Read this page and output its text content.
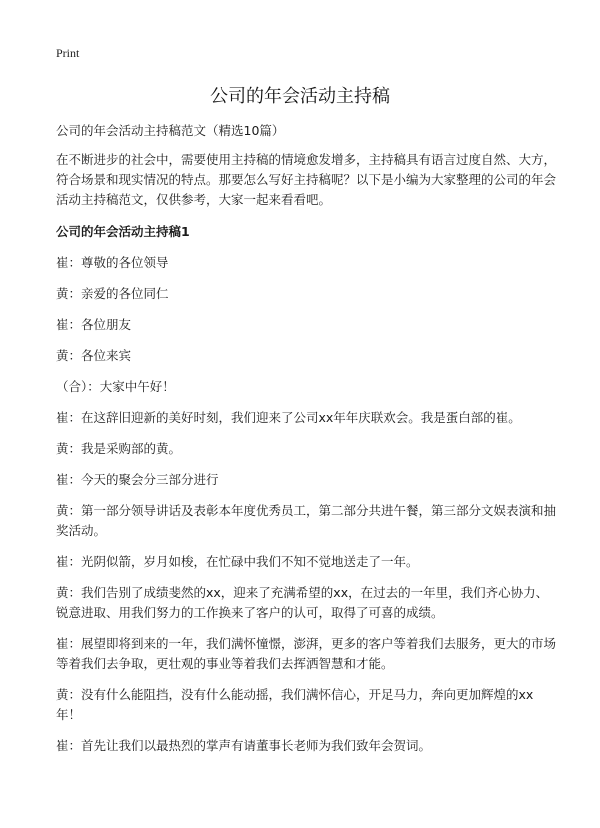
Print
公司的年会活动主持稿

公司的年会活动主持稿范文（精选10篇）

在不断进步的社会中，需要使用主持稿的情境愈发增多，主持稿具有语言过度自然、大方，符合场景和现实情况的特点。那要怎么写好主持稿呢？以下是小编为大家整理的公司的年会活动主持稿范文，仅供参考，大家一起来看看吧。

公司的年会活动主持稿1

崔：尊敬的各位领导

黄：亲爱的各位同仁

崔：各位朋友

黄：各位来宾

（合）：大家中午好！

崔：在这辞旧迎新的美好时刻，我们迎来了公司xx年年庆联欢会。我是蛋白部的崔。

黄：我是采购部的黄。

崔：今天的聚会分三部分进行

黄：第一部分领导讲话及表彰本年度优秀员工，第二部分共进午餐，第三部分文娱表演和抽奖活动。

崔：光阴似箭，岁月如梭，在忙碌中我们不知不觉地送走了一年。

黄：我们告别了成绩斐然的xx，迎来了充满希望的xx，在过去的一年里，我们齐心协力、锐意进取、用我们努力的工作换来了客户的认可，取得了可喜的成绩。

崔：展望即将到来的一年，我们满怀憧憬，澎湃，更多的客户等着我们去服务，更大的市场等着我们去争取，更壮观的事业等着我们去挥洒智慧和才能。

黄：没有什么能阻挡，没有什么能动摇，我们满怀信心，开足马力，奔向更加辉煌的xx年！

崔：首先让我们以最热烈的掌声有请董事长老师为我们致年会贺词。
